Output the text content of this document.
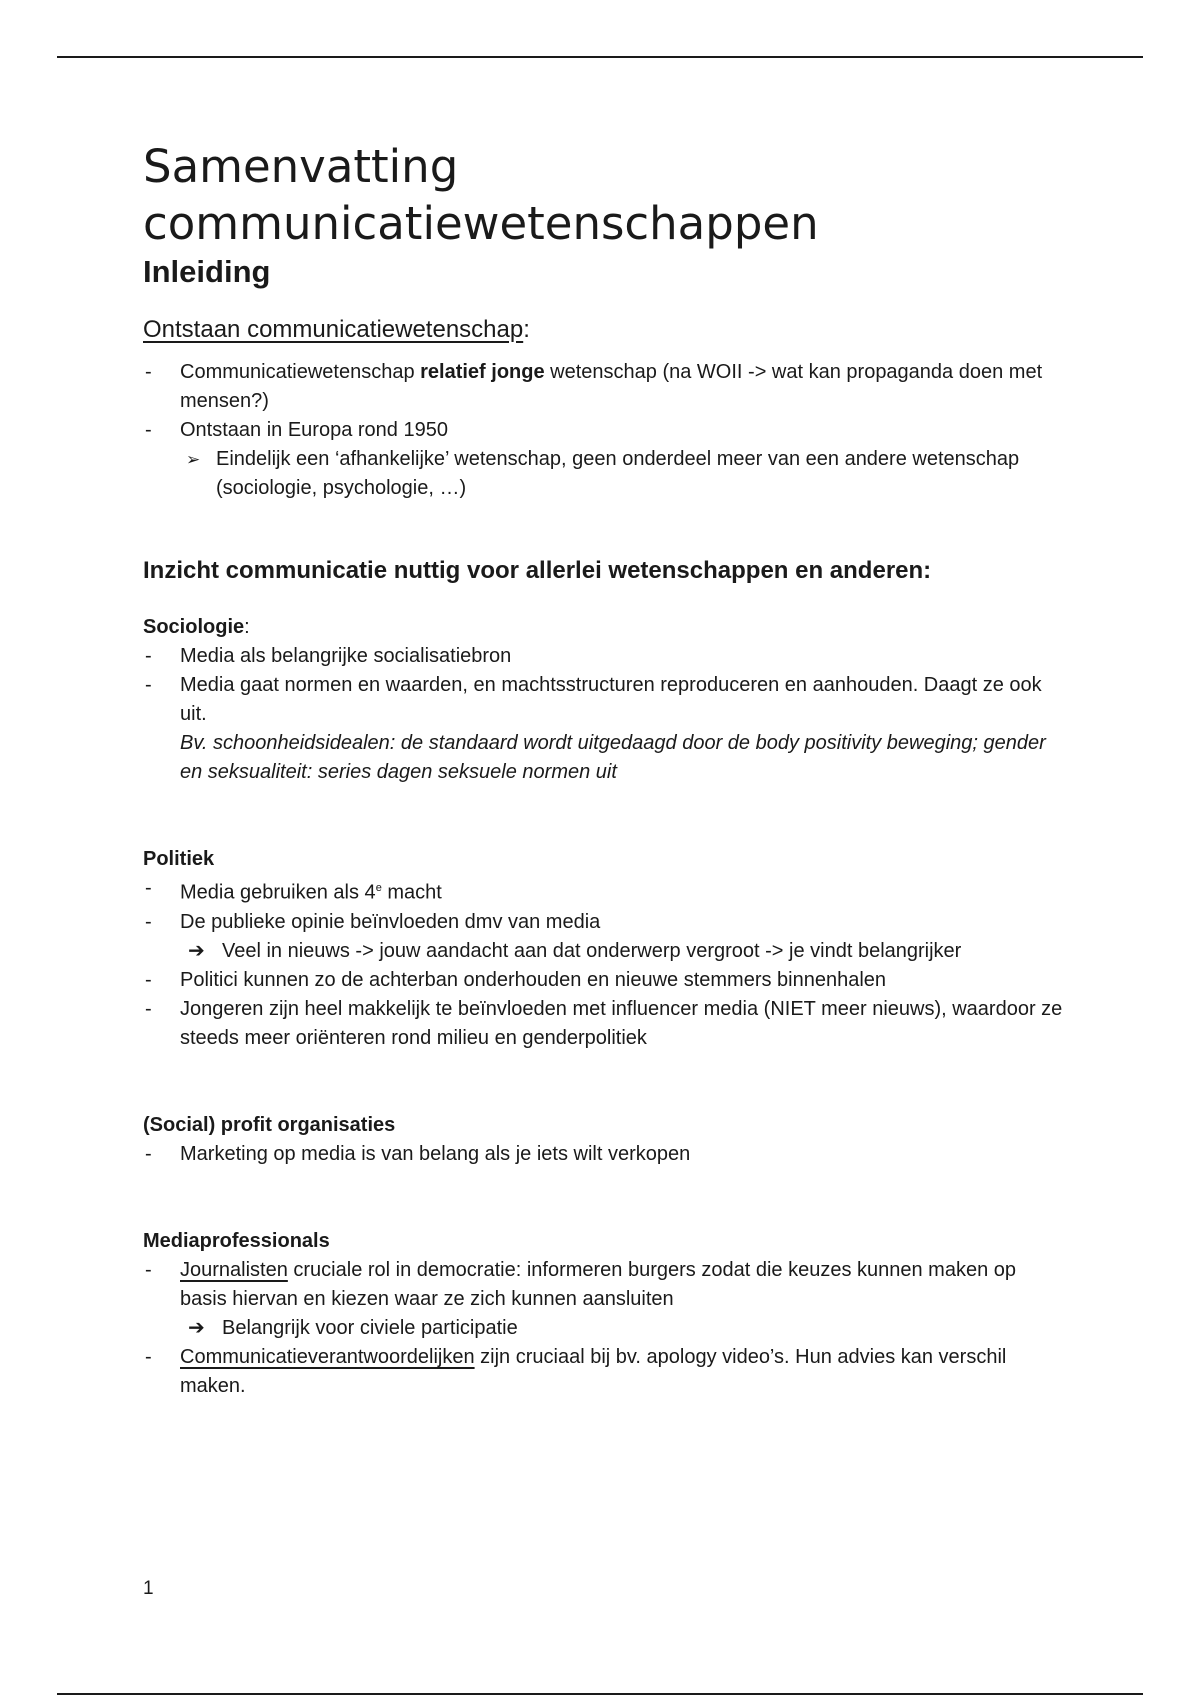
Samenvatting
communicatiewetenschappen
Inleiding
Ontstaan communicatiewetenschap:
- Communicatiewetenschap relatief jonge wetenschap (na WOII -> wat kan propaganda doen met mensen?)
- Ontstaan in Europa rond 1950
➢ Eindelijk een ‘afhankelijke’ wetenschap, geen onderdeel meer van een andere wetenschap (sociologie, psychologie, …)
Inzicht communicatie nuttig voor allerlei wetenschappen en anderen:
Sociologie:
- Media als belangrijke socialisatiebron
- Media gaat normen en waarden, en machtsstructuren reproduceren en aanhouden. Daagt ze ook uit.
Bv. schoonheidsidealen: de standaard wordt uitgedaagd door de body positivity beweging; gender en seksualiteit: series dagen seksuele normen uit
Politiek
- Media gebruiken als 4e macht
- De publieke opinie beïnvloeden dmv van media
➔ Veel in nieuws -> jouw aandacht aan dat onderwerp vergroot -> je vindt belangrijker
- Politici kunnen zo de achterban onderhouden en nieuwe stemmers binnenhalen
- Jongeren zijn heel makkelijk te beïnvloeden met influencer media (NIET meer nieuws), waardoor ze steeds meer oriënteren rond milieu en genderpolitiek
(Social) profit organisaties
- Marketing op media is van belang als je iets wilt verkopen
Mediaprofessionals
- Journalisten cruciale rol in democratie: informeren burgers zodat die keuzes kunnen maken op basis hiervan en kiezen waar ze zich kunnen aansluiten
➔ Belangrijk voor civiele participatie
- Communicatieverantwoordelijken zijn cruciaal bij bv. apology video’s. Hun advies kan verschil maken.
1
